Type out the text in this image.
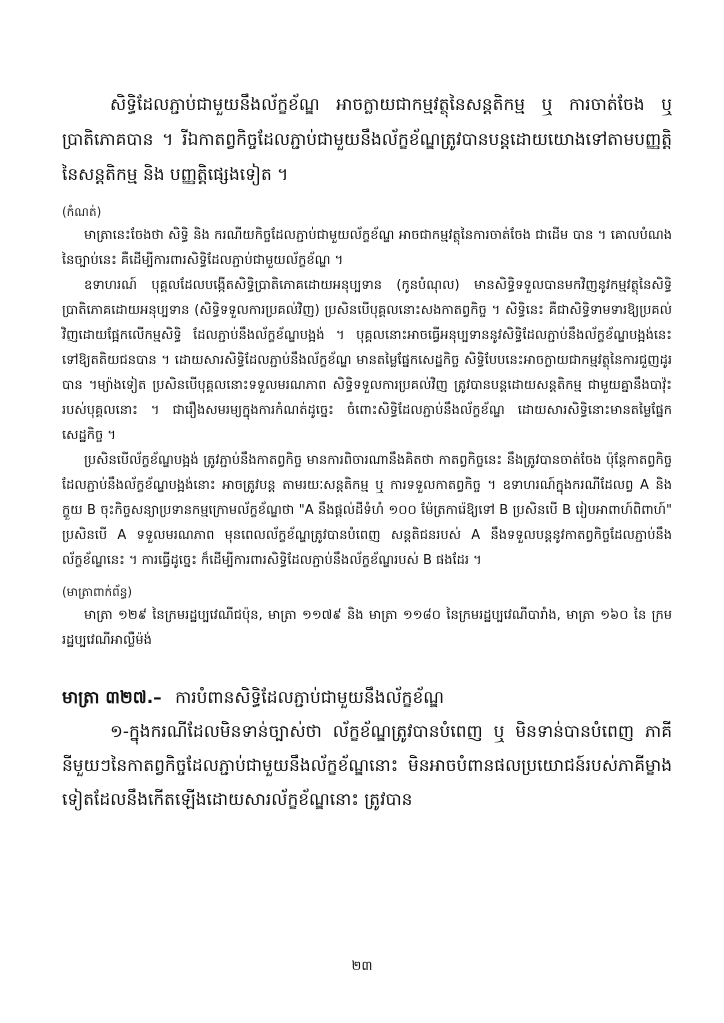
សិទ្ធិដែលភ្ជាប់ជាមួយនឹងល័ក្ខខ័ណ្ឌ អាចក្លាយជាកម្មវត្ថុនៃសន្តតិកម្ម ឬ ការចាត់ចែង ឬ ប្រាតិភោគបាន ។ រីឯកាតព្វកិច្ចដែលភ្ជាប់ជាមួយនឹងល័ក្ខខ័ណ្ឌត្រូវបានបន្តដោយយោងទៅតាមបញ្ញត្តិនៃសន្តតិកម្ម និង បញ្ញត្តិផ្សេងទៀត ។

(កំណត់)

មាត្រានេះចែងថា សិទ្ធិ និង ករណីយកិច្ចដែលភ្ជាប់ជាមួយល័ក្ខខ័ណ្ឌ អាចជាកម្មវត្ថុនៃការចាត់ចែង ជាដើម បាន ។ គោលបំណងនៃច្បាប់នេះ គឺដើម្បីការពារសិទ្ធិដែលភ្ជាប់ជាមួយល័ក្ខខ័ណ្ឌ ។

ឧទាហរណ៍ បុគ្គលដែលបង្កើតសិទ្ធិប្រាតិភោគដោយអនុប្បទាន (កូនបំណុល) មានសិទ្ធិទទួលបានមកវិញនូវកម្មវត្ថុនៃសិទ្ធិប្រាតិភោគដោយអនុប្បទាន (សិទ្ធិទទួលការប្រគល់វិញ) ប្រសិនបើបុគ្គលនោះសងកាតព្វកិច្ច ។ សិទ្ធិនេះ គឺជាសិទ្ធិទាមទារឱ្យប្រគល់វិញដោយផ្អែកលើកម្មសិទ្ធិ ដែលភ្ជាប់នឹងល័ក្ខខ័ណ្ឌបង្អង់ ។ បុគ្គលនោះអាចធ្វើអនុប្បទាននូវសិទ្ធិដែលភ្ជាប់នឹងល័ក្ខខ័ណ្ឌបង្អង់នេះ ទៅឱ្យតតិយជនបាន ។ ដោយសារសិទ្ធិដែលភ្ជាប់នឹងល័ក្ខខ័ណ្ឌ មានតម្លៃផ្នែកសេដ្ឋកិច្ច សិទ្ធិបែបនេះអាចក្លាយជាកម្មវត្ថុនៃការជួញដូរបាន ។ម្យ៉ាងទៀត ប្រសិនបើបុគ្គលនោះទទួលមរណភាព សិទ្ធិទទួលការប្រគល់វិញ ត្រូវបានបន្តដោយសន្តតិកម្ម ជាមួយគ្នានឹងបាវ៉ុះរបស់បុគ្គលនោះ ។ ជារឿងសមរម្យក្នុងការកំណត់ដូច្នេះ ចំពោះសិទ្ធិដែលភ្ជាប់នឹងល័ក្ខខ័ណ្ឌ ដោយសារសិទ្ធិនោះមានតម្លៃផ្នែកសេដ្ឋកិច្ច ។

ប្រសិនបើល័ក្ខខ័ណ្ឌបង្អង់ ត្រូវភ្ជាប់នឹងកាតព្វកិច្ច មានការពិចារណានឹងគិតថា កាតព្វកិច្ចនេះ នឹងត្រូវបានចាត់ចែង ប៉ុន្តែកាតព្វកិច្ចដែលភ្ជាប់នឹងល័ក្ខខ័ណ្ឌបង្អង់នោះ អាចត្រូវបន្ត តាមរយៈសន្តតិកម្ម ឬ ការទទួលកាតព្វកិច្ច ។ ឧទាហរណ៍ក្នុងករណីដែលព្វ A និង ក្ខួយ B ចុះកិច្ចសន្យាប្រទានកម្មក្រោមល័ក្ខខ័ណ្ឌថា "A នឹងផ្តល់ដីទំហំ ១០០ ម៉ែត្រការ៉េឱ្យទៅ B ប្រសិនបើ B រៀបអាពាហ៍ពិពាហ៍" ប្រសិនបើ A ទទួលមរណភាព មុនពេលល័ក្ខខ័ណ្ឌត្រូវបានបំពេញ សន្តតិជនរបស់ A នឹងទទួលបន្តនូវកាតព្វកិច្ចដែលភ្ជាប់នឹងល័ក្ខខ័ណ្ឌនេះ ។ ការធ្វើដូច្នេះ ក៏ដើម្បីការពារសិទ្ធិដែលភ្ជាប់នឹងល័ក្ខខ័ណ្ឌរបស់ B ផងដែរ ។

(មាត្រាពាក់ព័ន្ធ)

មាត្រា ១២៩ នៃក្រមរដ្ឋប្បវេណីជប៉ុន, មាត្រា ១១៧៩ និង មាត្រា ១១៨០ នៃក្រមរដ្ឋប្បវេណីបារាំង, មាត្រា ១៦០ នៃ ក្រមរដ្ឋប្បវេណីអាល្លឺម៉ង់

មាត្រា ៣២៧.– ការបំពានសិទ្ធិដែលភ្ជាប់ជាមួយនឹងល័ក្ខខ័ណ្ឌ

១-ក្នុងករណីដែលមិនទាន់ច្បាស់ថា ល័ក្ខខ័ណ្ឌត្រូវបានបំពេញ ឬ មិនទាន់បានបំពេញ ភាគីនីមួយៗនៃកាតព្វកិច្ចដែលភ្ជាប់ជាមួយនឹងល័ក្ខខ័ណ្ឌនោះ មិនអាចបំពានផលប្រយោជន៍របស់ភាគីម្ខាងទៀតដែលនឹងកើតឡើងដោយសារល័ក្ខខ័ណ្ឌនោះ ត្រូវបាន

២៣
